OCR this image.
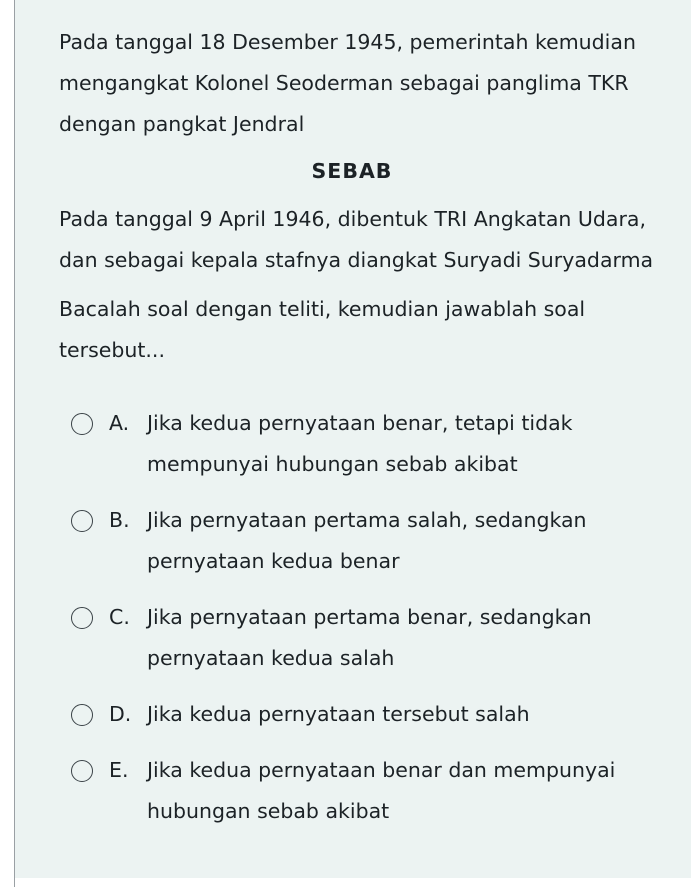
Pada tanggal 18 Desember 1945, pemerintah kemudian mengangkat Kolonel Seoderman sebagai panglima TKR dengan pangkat Jendral

SEBAB

Pada tanggal 9 April 1946, dibentuk TRI Angkatan Udara, dan sebagai kepala stafnya diangkat Suryadi Suryadarma

Bacalah soal dengan teliti, kemudian jawablah soal tersebut...

A. Jika kedua pernyataan benar, tetapi tidak mempunyai hubungan sebab akibat
B. Jika pernyataan pertama salah, sedangkan pernyataan kedua benar
C. Jika pernyataan pertama benar, sedangkan pernyataan kedua salah
D. Jika kedua pernyataan tersebut salah
E. Jika kedua pernyataan benar dan mempunyai hubungan sebab akibat
